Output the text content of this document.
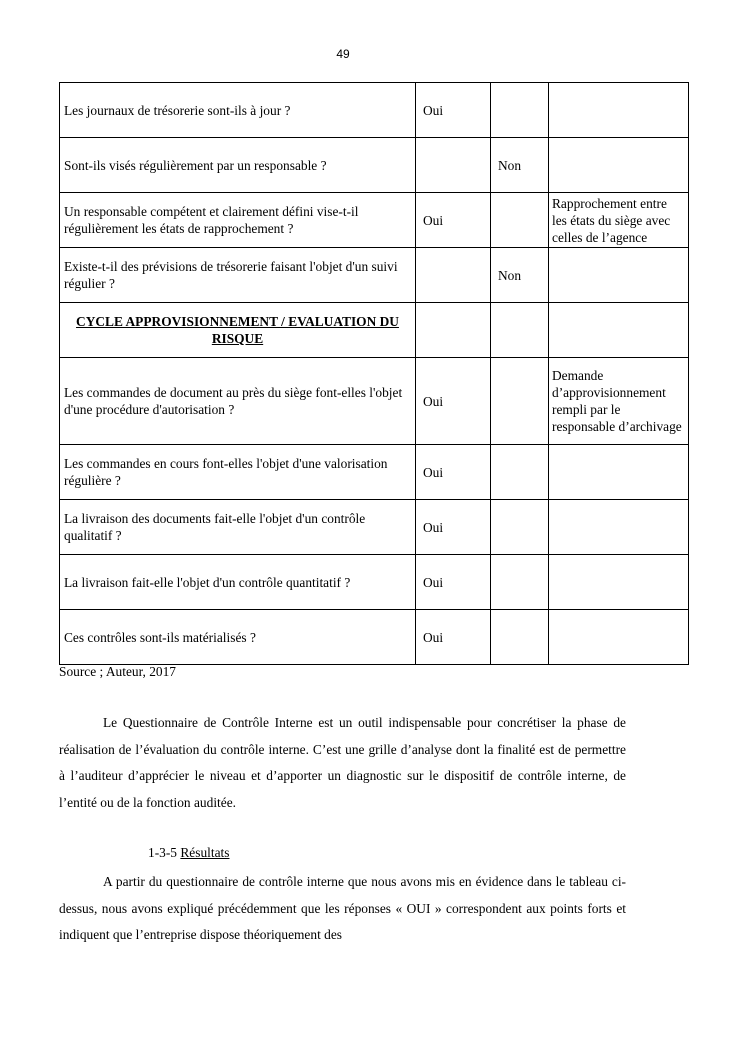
49
Les journaux de trésorerie sont-ils à jour ?	Oui		
Sont-ils visés régulièrement par un responsable ?		Non	
Un responsable compétent et clairement défini vise-t-il régulièrement les états de rapprochement ?	Oui		Rapprochement entre les états du siège avec celles de l’agence
Existe-t-il des prévisions de trésorerie faisant l'objet d'un suivi régulier ?		Non	
CYCLE APPROVISIONNEMENT / EVALUATION DU RISQUE			
Les commandes de document au près du siège font-elles l'objet d'une procédure d'autorisation ?	Oui		Demande d’approvisionnement rempli par le responsable d’archivage
Les commandes en cours font-elles l'objet d'une valorisation régulière ?	Oui		
La livraison des documents fait-elle l'objet d'un contrôle qualitatif ?	Oui		
La livraison fait-elle l'objet d'un contrôle quantitatif ?	Oui		
Ces contrôles sont-ils matérialisés ?	Oui		
Source ; Auteur, 2017

Le Questionnaire de Contrôle Interne est un outil indispensable pour concrétiser la phase de réalisation de l’évaluation du contrôle interne. C’est une grille d’analyse dont la finalité est de permettre à l’auditeur d’apprécier le niveau et d’apporter un diagnostic sur le dispositif de contrôle interne, de l’entité ou de la fonction auditée.

1-3-5 Résultats

A partir du questionnaire de contrôle interne que nous avons mis en évidence dans le tableau ci-dessus, nous avons expliqué précédemment que les réponses « OUI » correspondent aux points forts et indiquent que l’entreprise dispose théoriquement des
